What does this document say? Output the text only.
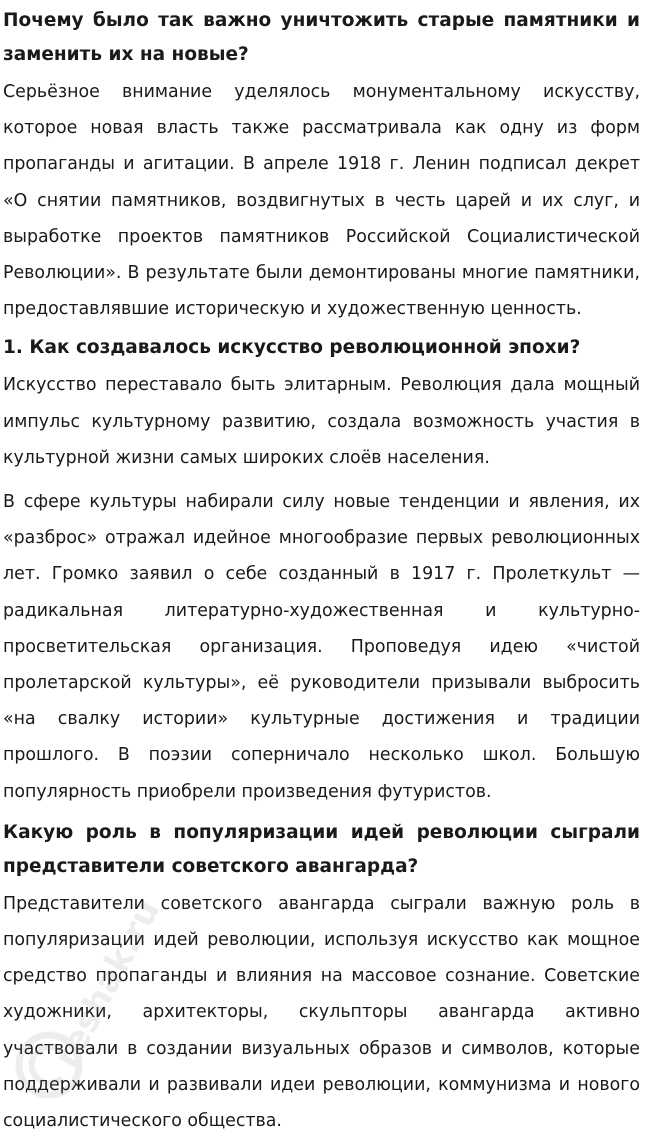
Почему было так важно уничтожить старые памятники и заменить их на новые?

Серьёзное внимание уделялось монументальному искусству, которое новая власть также рассматривала как одну из форм пропаганды и агитации. В апреле 1918 г. Ленин подписал декрет «О снятии памятников, воздвигнутых в честь царей и их слуг, и выработке проектов памятников Российской Социалистической Революции». В результате были демонтированы многие памятники, предоставлявшие историческую и художественную ценность.

1. Как создавалось искусство революционной эпохи?

Искусство переставало быть элитарным. Революция дала мощный импульс культурному развитию, создала возможность участия в культурной жизни самых широких слоёв населения.

В сфере культуры набирали силу новые тенденции и явления, их «разброс» отражал идейное многообразие первых революционных лет. Громко заявил о себе созданный в 1917 г. Пролеткульт — радикальная литературно-художественная и культурно-просветительская организация. Проповедуя идею «чистой пролетарской культуры», её руководители призывали выбросить «на свалку истории» культурные достижения и традиции прошлого. В поэзии соперничало несколько школ. Большую популярность приобрели произведения футуристов.

Какую роль в популяризации идей революции сыграли представители советского авангарда?

Представители советского авангарда сыграли важную роль в популяризации идей революции, используя искусство как мощное средство пропаганды и влияния на массовое сознание. Советские художники, архитекторы, скульпторы авангарда активно участвовали в создании визуальных образов и символов, которые поддерживали и развивали идеи революции, коммунизма и нового социалистического общества.

reshak.ru
